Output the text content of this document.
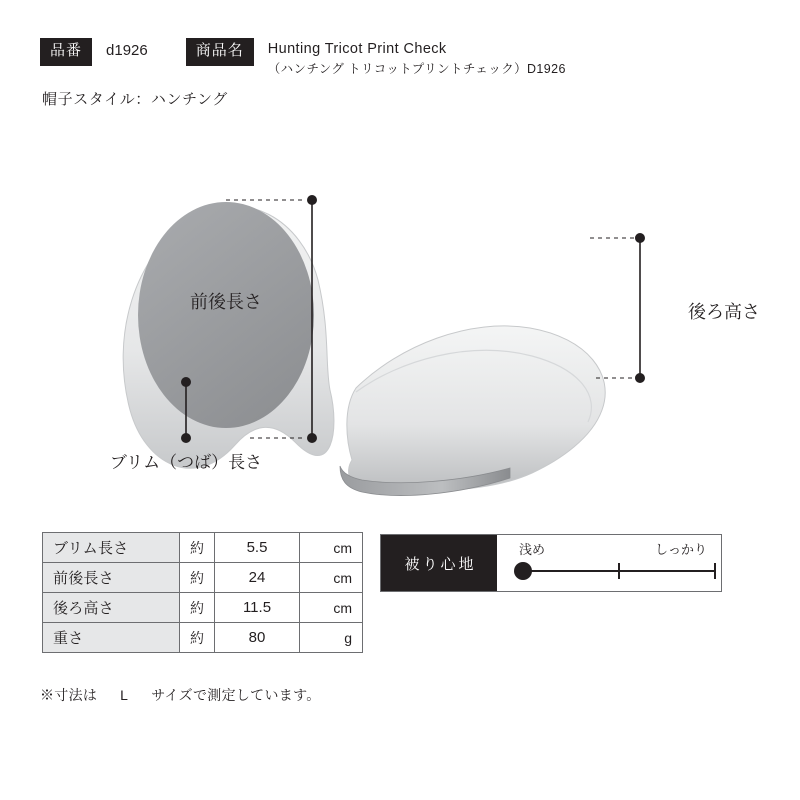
品番	d1926	商品名	Hunting Tricot Print Check
（ハンチング トリコットプリントチェック）D1926
帽子スタイル：ハンチング
前後長さ
ブリム（つば）長さ
後ろ高さ
ブリム長さ	約	5.5	cm

前後長さ	約	24	cm

後ろ高さ	約	11.5	cm

重さ	約	80	g
※寸法は L サイズで測定しています。
被り心地
浅め	しっかり
